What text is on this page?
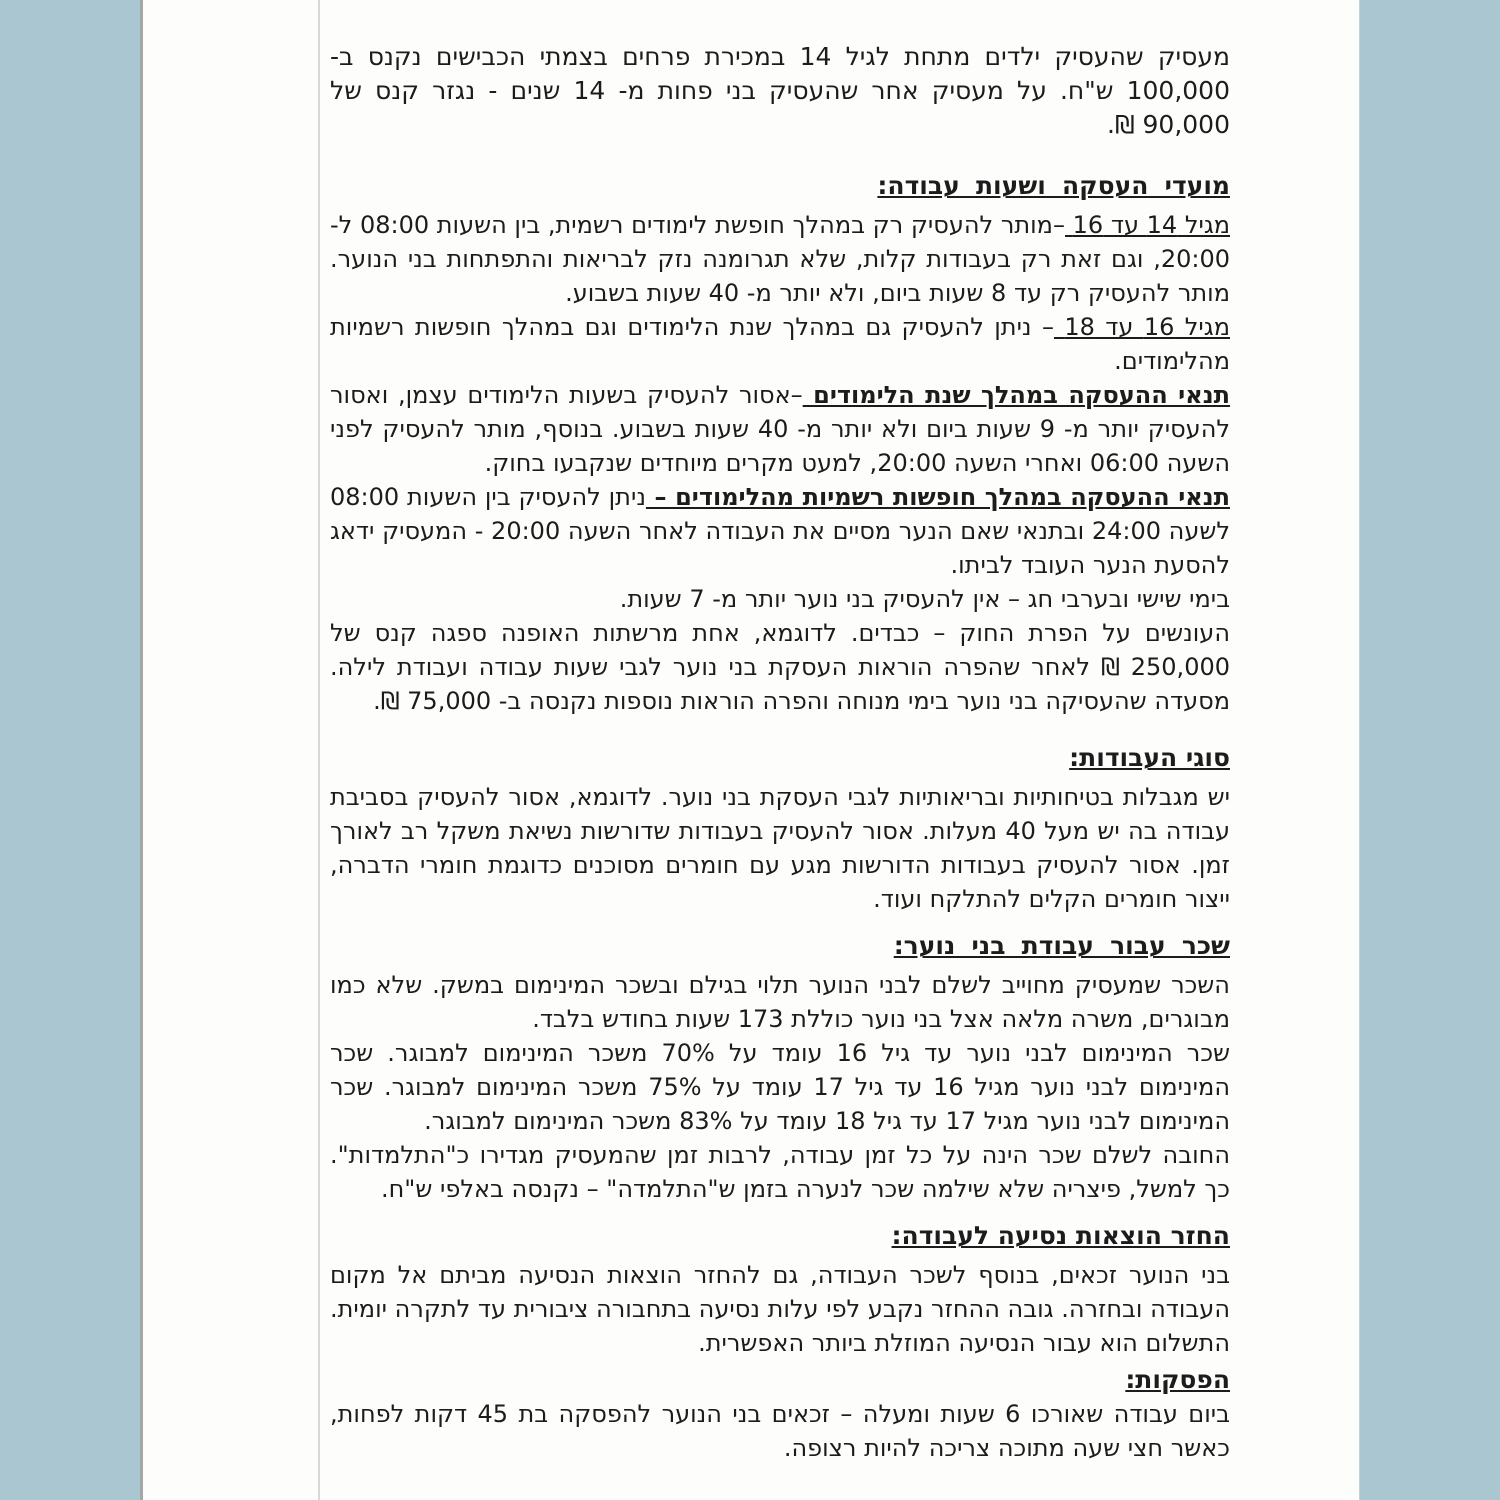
מעסיק שהעסיק ילדים מתחת לגיל 14 במכירת פרחים בצמתי הכבישים נקנס ב- 100,000 ש"ח. על מעסיק אחר שהעסיק בני פחות מ- 14 שנים - נגזר קנס של 90,000 ₪.

מועדי העסקה ושעות עבודה:

מגיל 14 עד 16 –מותר להעסיק רק במהלך חופשת לימודים רשמית, בין השעות 08:00 ל- 20:00, וגם זאת רק בעבודות קלות, שלא תגרומנה נזק לבריאות והתפתחות בני הנוער. מותר להעסיק רק עד 8 שעות ביום, ולא יותר מ- 40 שעות בשבוע.

מגיל 16 עד 18 – ניתן להעסיק גם במהלך שנת הלימודים וגם במהלך חופשות רשמיות מהלימודים.

תנאי ההעסקה במהלך שנת הלימודים –אסור להעסיק בשעות הלימודים עצמן, ואסור להעסיק יותר מ- 9 שעות ביום ולא יותר מ- 40 שעות בשבוע. בנוסף, מותר להעסיק לפני השעה 06:00 ואחרי השעה 20:00, למעט מקרים מיוחדים שנקבעו בחוק.

תנאי ההעסקה במהלך חופשות רשמיות מהלימודים – ניתן להעסיק בין השעות 08:00 לשעה 24:00 ובתנאי שאם הנער מסיים את העבודה לאחר השעה 20:00 - המעסיק ידאג להסעת הנער העובד לביתו.

בימי שישי ובערבי חג – אין להעסיק בני נוער יותר מ- 7 שעות.

העונשים על הפרת החוק – כבדים. לדוגמא, אחת מרשתות האופנה ספגה קנס של 250,000 ₪ לאחר שהפרה הוראות העסקת בני נוער לגבי שעות עבודה ועבודת לילה. מסעדה שהעסיקה בני נוער בימי מנוחה והפרה הוראות נוספות נקנסה ב- 75,000 ₪.

סוגי העבודות:

יש מגבלות בטיחותיות ובריאותיות לגבי העסקת בני נוער. לדוגמא, אסור להעסיק בסביבת עבודה בה יש מעל 40 מעלות. אסור להעסיק בעבודות שדורשות נשיאת משקל רב לאורך זמן. אסור להעסיק בעבודות הדורשות מגע עם חומרים מסוכנים כדוגמת חומרי הדברה, ייצור חומרים הקלים להתלקח ועוד.

שכר עבור עבודת בני נוער:

השכר שמעסיק מחוייב לשלם לבני הנוער תלוי בגילם ובשכר המינימום במשק. שלא כמו מבוגרים, משרה מלאה אצל בני נוער כוללת 173 שעות בחודש בלבד.

שכר המינימום לבני נוער עד גיל 16 עומד על 70% משכר המינימום למבוגר. שכר המינימום לבני נוער מגיל 16 עד גיל 17 עומד על 75% משכר המינימום למבוגר. שכר המינימום לבני נוער מגיל 17 עד גיל 18 עומד על 83% משכר המינימום למבוגר.

החובה לשלם שכר הינה על כל זמן עבודה, לרבות זמן שהמעסיק מגדירו כ"התלמדות". כך למשל, פיצריה שלא שילמה שכר לנערה בזמן ש"התלמדה" – נקנסה באלפי ש"ח.

החזר הוצאות נסיעה לעבודה:

בני הנוער זכאים, בנוסף לשכר העבודה, גם להחזר הוצאות הנסיעה מביתם אל מקום העבודה ובחזרה. גובה ההחזר נקבע לפי עלות נסיעה בתחבורה ציבורית עד לתקרה יומית. התשלום הוא עבור הנסיעה המוזלת ביותר האפשרית.

הפסקות:

ביום עבודה שאורכו 6 שעות ומעלה – זכאים בני הנוער להפסקה בת 45 דקות לפחות, כאשר חצי שעה מתוכה צריכה להיות רצופה.
